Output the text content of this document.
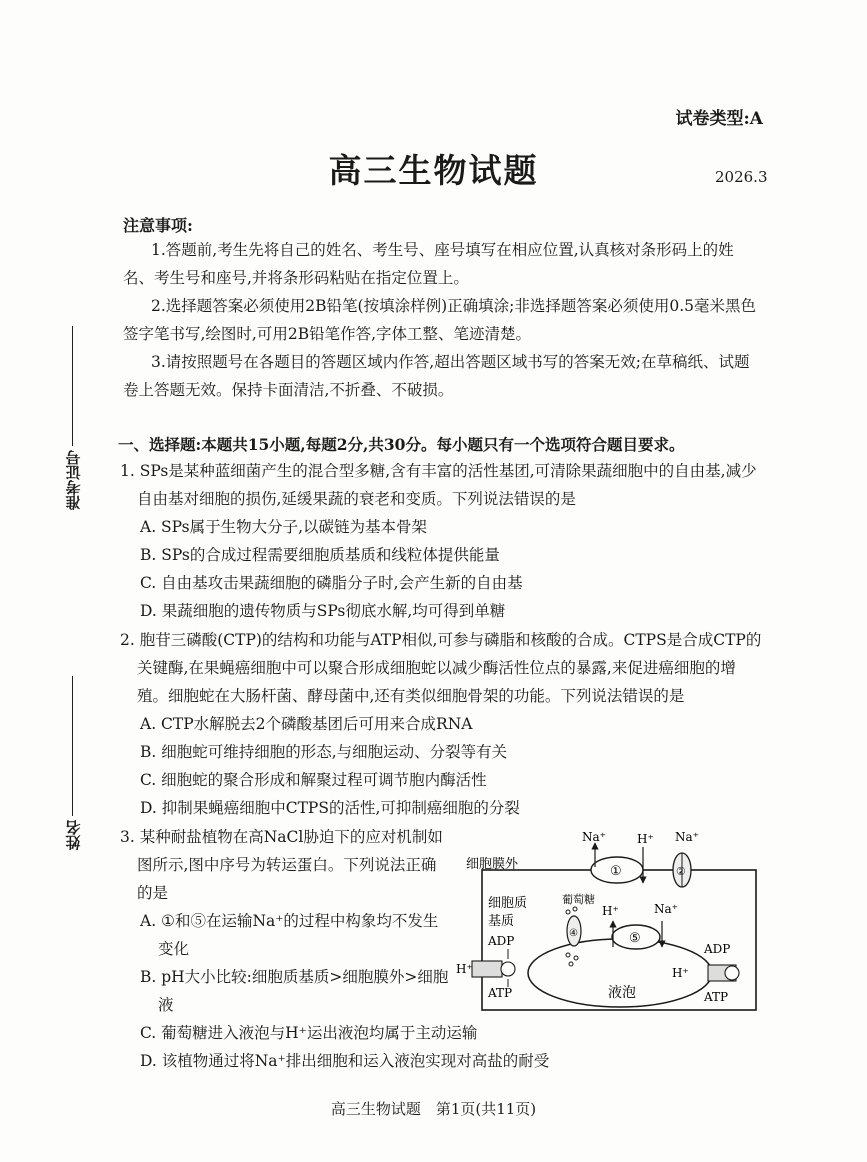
试卷类型:A
高三生物试题	2026.3
准考证号
姓名
注意事项:

1.答题前,考生先将自己的姓名、考生号、座号填写在相应位置,认真核对条形码上的姓名、考生号和座号,并将条形码粘贴在指定位置上。

2.选择题答案必须使用2B铅笔(按填涂样例)正确填涂;非选择题答案必须使用0.5毫米黑色签字笔书写,绘图时,可用2B铅笔作答,字体工整、笔迹清楚。

3.请按照题号在各题目的答题区域内作答,超出答题区域书写的答案无效;在草稿纸、试题卷上答题无效。保持卡面清洁,不折叠、不破损。

一、选择题:本题共15小题,每题2分,共30分。每小题只有一个选项符合题目要求。
1. SPs是某种蓝细菌产生的混合型多糖,含有丰富的活性基团,可清除果蔬细胞中的自由基,减少自由基对细胞的损伤,延缓果蔬的衰老和变质。下列说法错误的是
A. SPs属于生物大分子,以碳链为基本骨架
B. SPs的合成过程需要细胞质基质和线粒体提供能量
C. 自由基攻击果蔬细胞的磷脂分子时,会产生新的自由基
D. 果蔬细胞的遗传物质与SPs彻底水解,均可得到单糖
2. 胞苷三磷酸(CTP)的结构和功能与ATP相似,可参与磷脂和核酸的合成。CTPS是合成CTP的关键酶,在果蝇癌细胞中可以聚合形成细胞蛇以减少酶活性位点的暴露,来促进癌细胞的增殖。细胞蛇在大肠杆菌、酵母菌中,还有类似细胞骨架的功能。下列说法错误的是
A. CTP水解脱去2个磷酸基团后可用来合成RNA
B. 细胞蛇可维持细胞的形态,与细胞运动、分裂等有关
C. 细胞蛇的聚合形成和解聚过程可调节胞内酶活性
D. 抑制果蝇癌细胞中CTPS的活性,可抑制癌细胞的分裂
3. 某种耐盐植物在高NaCl胁迫下的应对机制如图所示,图中序号为转运蛋白。下列说法正确的是
A. ①和⑤在运输Na⁺的过程中构象均不发生变化
B. pH大小比较:细胞质基质>细胞膜外>细胞液
C. 葡萄糖进入液泡与H⁺运出液泡均属于主动运输
D. 该植物通过将Na⁺排出细胞和运入液泡实现对高盐的耐受
细胞膜外	①
Na⁺	H⁺
②
Na⁺
细胞质
基质
ADP
ATP
H⁺
液泡
葡萄糖
④	⑤
H⁺	Na⁺
H⁺
ADP
ATP
高三生物试题　第1页(共11页)
